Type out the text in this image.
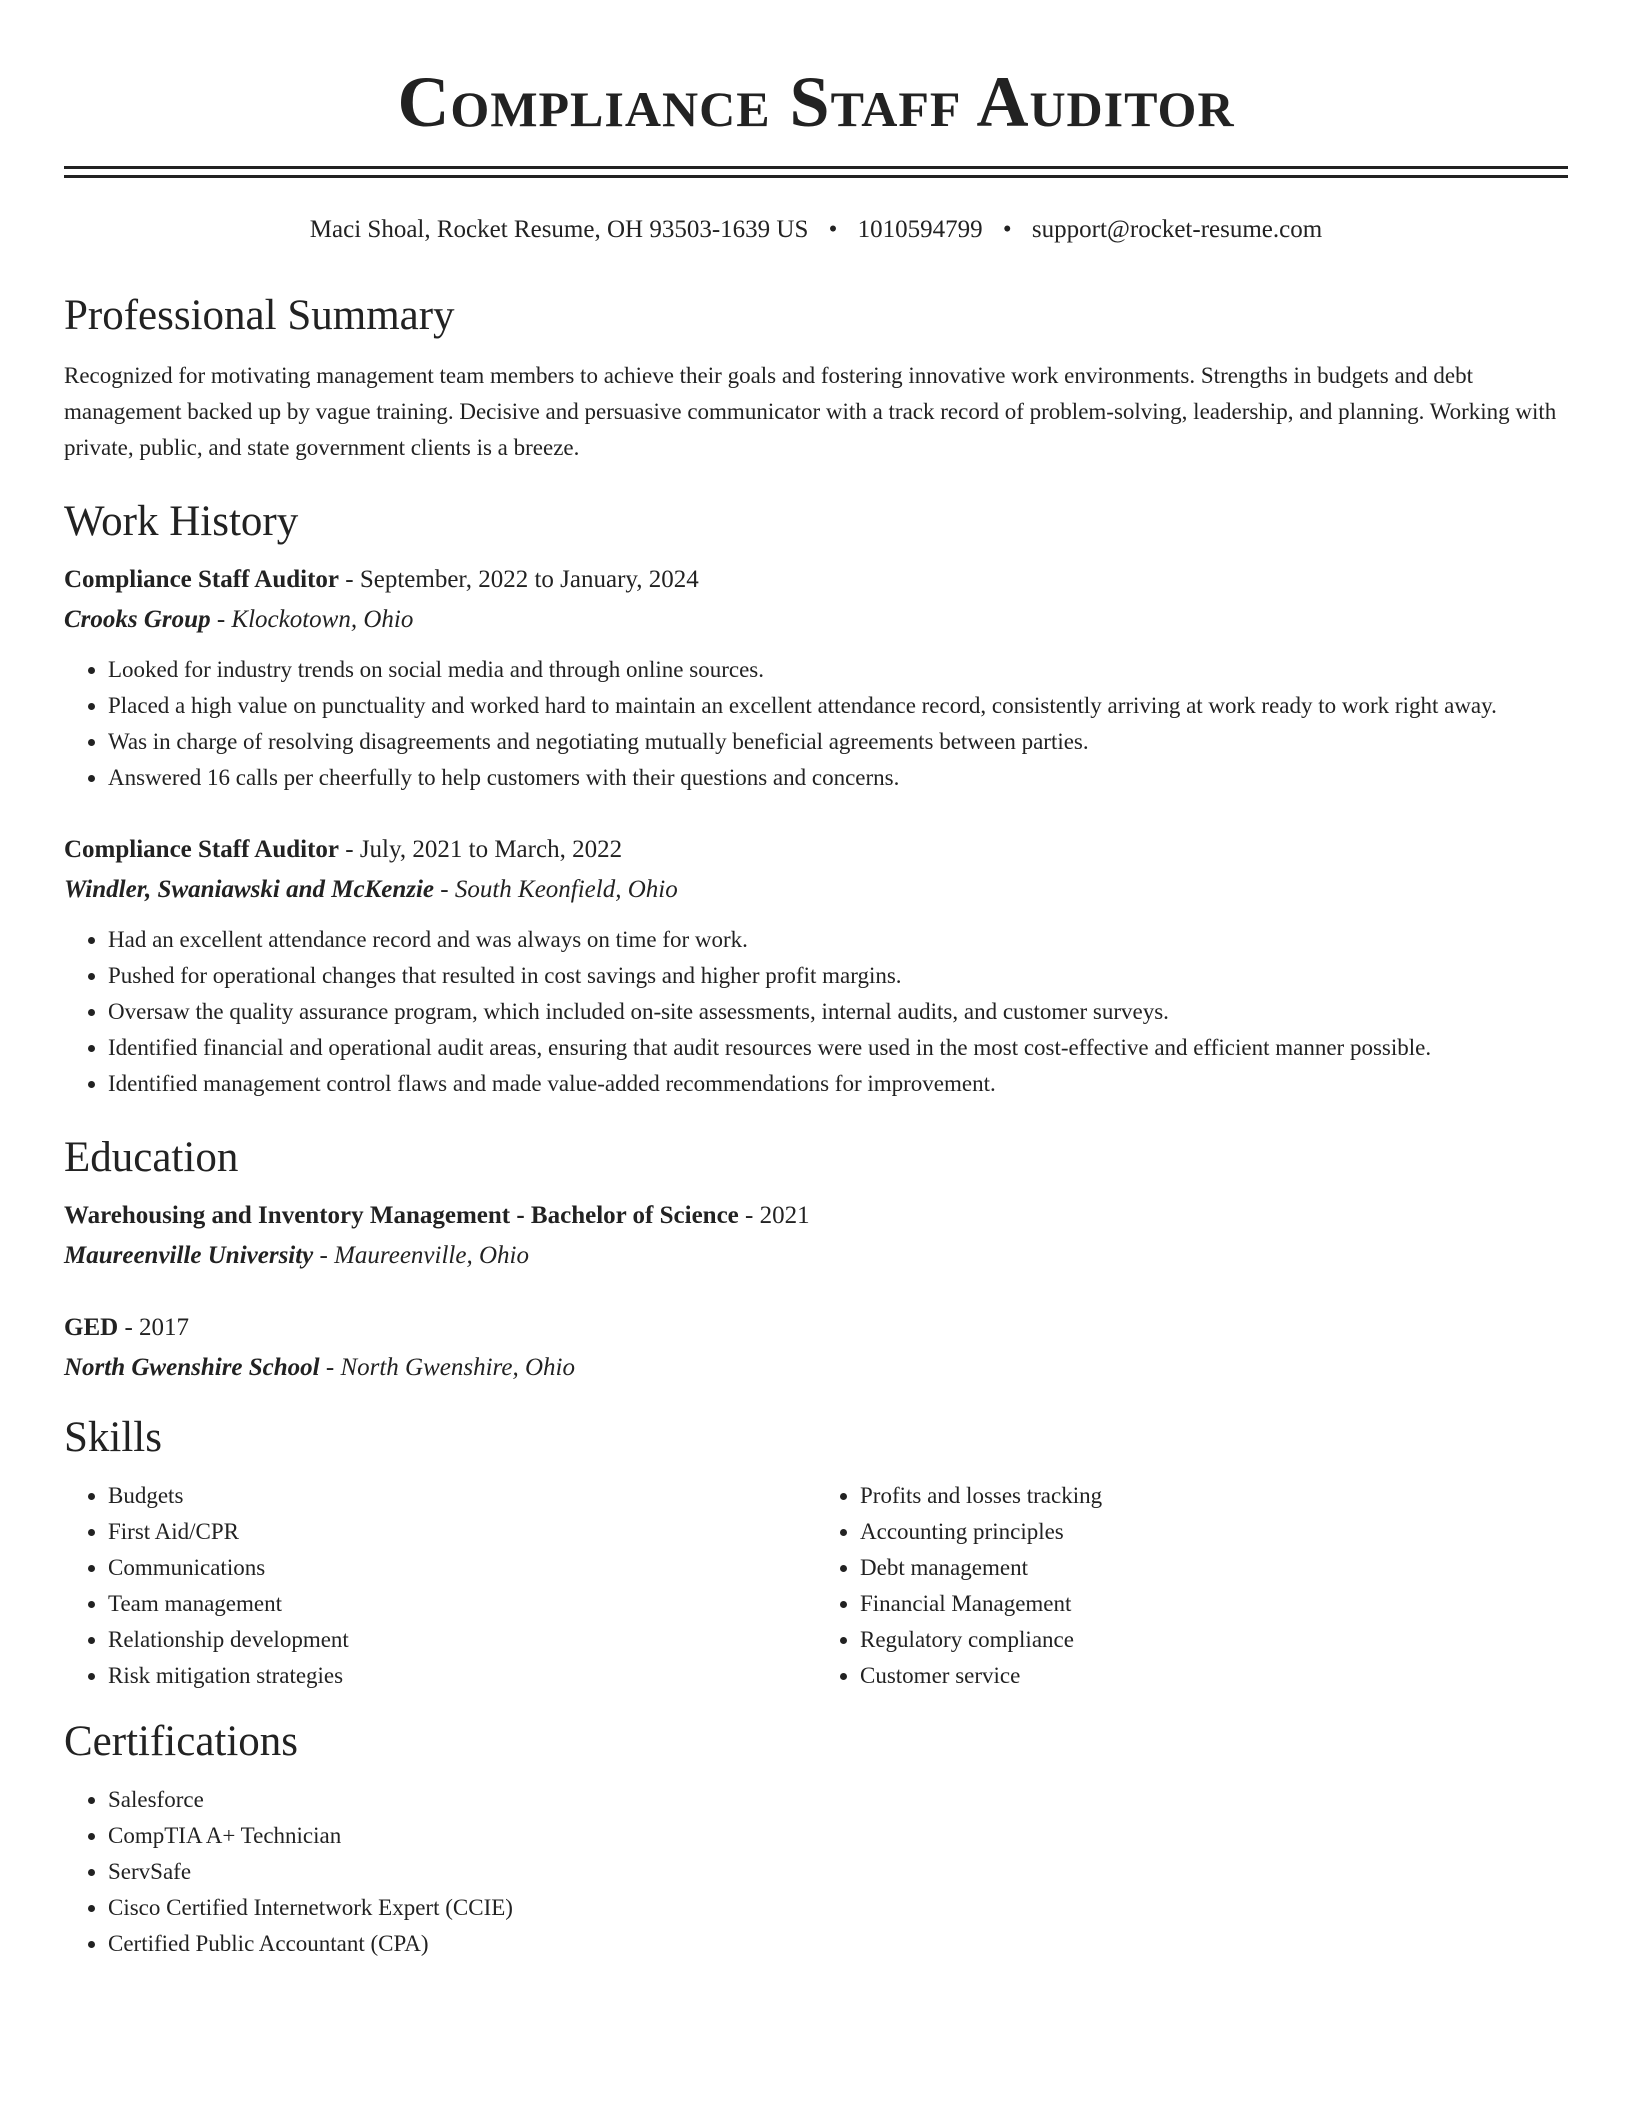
Compliance Staff Auditor
Maci Shoal, Rocket Resume, OH 93503-1639 US • 1010594799 • support@rocket-resume.com
Professional Summary

Recognized for motivating management team members to achieve their goals and fostering innovative work environments. Strengths in budgets and debt management backed up by vague training. Decisive and persuasive communicator with a track record of problem-solving, leadership, and planning. Working with private, public, and state government clients is a breeze.

Work History
Compliance Staff Auditor - September, 2022 to January, 2024
Crooks Group - Klockotown, Ohio
• Looked for industry trends on social media and through online sources.
• Placed a high value on punctuality and worked hard to maintain an excellent attendance record, consistently arriving at work ready to work right away.
• Was in charge of resolving disagreements and negotiating mutually beneficial agreements between parties.
• Answered 16 calls per cheerfully to help customers with their questions and concerns.
Compliance Staff Auditor - July, 2021 to March, 2022
Windler, Swaniawski and McKenzie - South Keonfield, Ohio
• Had an excellent attendance record and was always on time for work.
• Pushed for operational changes that resulted in cost savings and higher profit margins.
• Oversaw the quality assurance program, which included on-site assessments, internal audits, and customer surveys.
• Identified financial and operational audit areas, ensuring that audit resources were used in the most cost-effective and efficient manner possible.
• Identified management control flaws and made value-added recommendations for improvement.
Education
Warehousing and Inventory Management - Bachelor of Science - 2021
Maureenville University - Maureenville, Ohio
GED - 2017
North Gwenshire School - North Gwenshire, Ohio
Skills
• Budgets
• First Aid/CPR
• Communications
• Team management
• Relationship development
• Risk mitigation strategies
• Profits and losses tracking
• Accounting principles
• Debt management
• Financial Management
• Regulatory compliance
• Customer service
Certifications
• Salesforce
• CompTIA A+ Technician
• ServSafe
• Cisco Certified Internetwork Expert (CCIE)
• Certified Public Accountant (CPA)
